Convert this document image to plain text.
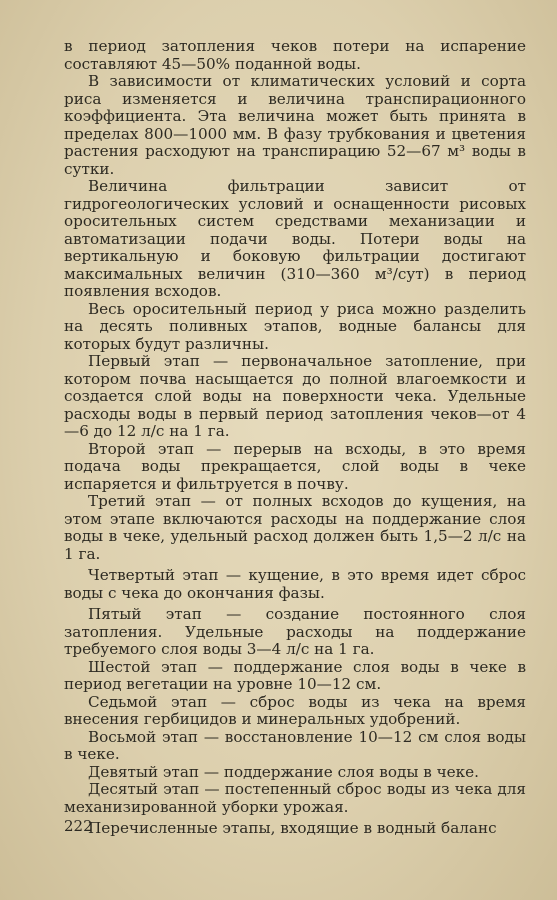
в период затопления чеков потери на испарение составляют 45—50% поданной воды.

В зависимости от климатических условий и сорта риса изменяется и величина транспирационного коэффициента. Эта величина может быть принята в пределах 800—1000 мм. В фазу трубкования и цветения растения расходуют на транспирацию 52—67 м³ воды в сутки.

Величина фильтрации зависит от гидрогеологических условий и оснащенности рисовых оросительных систем средствами механизации и автоматизации подачи воды. Потери воды на вертикальную и боковую фильтрации достигают максимальных величин (310—360 м³/сут) в период появления всходов.

Весь оросительный период у риса можно разделить на десять поливных этапов, водные балансы для которых будут различны.

Первый этап — первоначальное затопление, при котором почва насыщается до полной влагоемкости и создается слой воды на поверхности чека. Удельные расходы воды в первый период затопления чеков—от 4—6 до 12 л/с на 1 га.

Второй этап — перерыв на всходы, в это время подача воды прекращается, слой воды в чеке испаряется и фильтруется в почву.

Третий этап — от полных всходов до кущения, на этом этапе включаются расходы на поддержание слоя воды в чеке, удельный расход должен быть 1,5—2 л/с на 1 га.

Четвертый этап — кущение, в это время идет сброс воды с чека до окончания фазы.

Пятый этап — создание постоянного слоя затопления. Удельные расходы на поддержание требуемого слоя воды 3—4 л/с на 1 га.

Шестой этап — поддержание слоя воды в чеке в период вегетации на уровне 10—12 см.

Седьмой этап — сброс воды из чека на время внесения гербицидов и минеральных удобрений.

Восьмой этап — восстановление 10—12 см слоя воды в чеке.

Девятый этап — поддержание слоя воды в чеке.

Десятый этап — постепенный сброс воды из чека для механизированной уборки урожая.

Перечисленные этапы, входящие в водный баланс

222
